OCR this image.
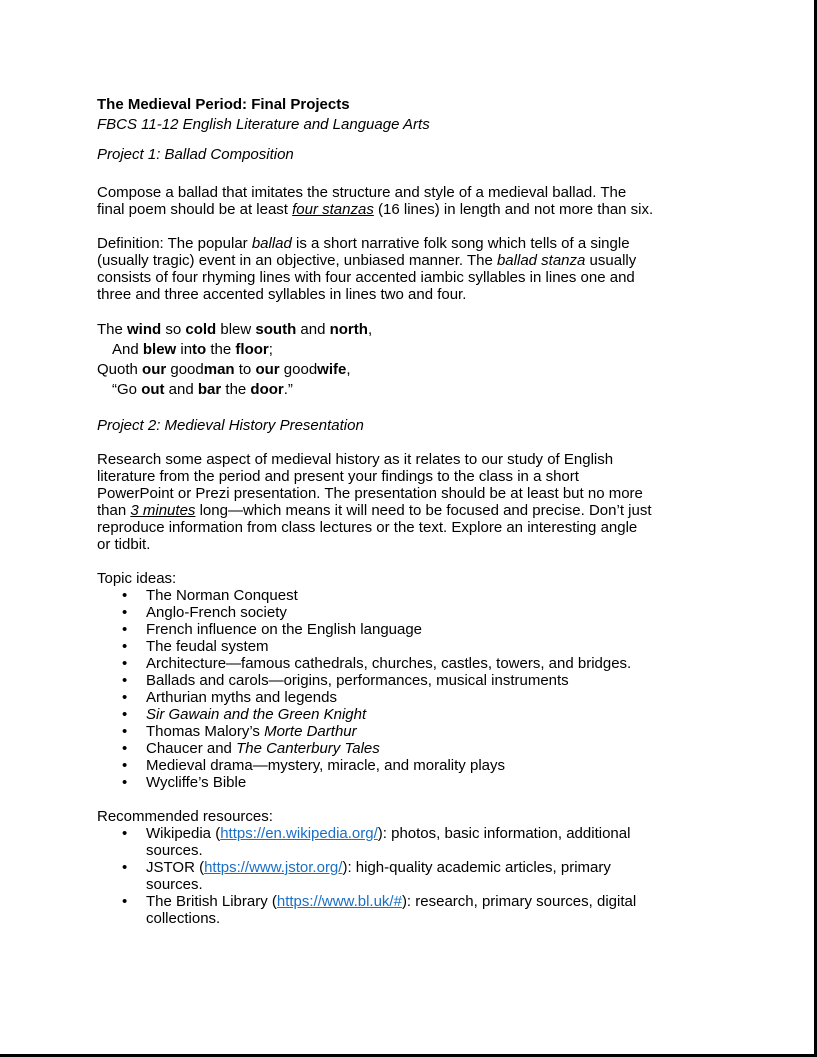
The Medieval Period: Final Projects

FBCS 11-12 English Literature and Language Arts

Project 1: Ballad Composition

Compose a ballad that imitates the structure and style of a medieval ballad. The
final poem should be at least four stanzas (16 lines) in length and not more than six.
Definition: The popular ballad is a short narrative folk song which tells of a single
(usually tragic) event in an objective, unbiased manner. The ballad stanza usually
consists of four rhyming lines with four accented iambic syllables in lines one and
three and three accented syllables in lines two and four.
The wind so cold blew south and north,
And blew into the floor;
Quoth our goodman to our goodwife,
“Go out and bar the door.”

Project 2: Medieval History Presentation

Research some aspect of medieval history as it relates to our study of English
literature from the period and present your findings to the class in a short
PowerPoint or Prezi presentation. The presentation should be at least but no more
than 3 minutes long—which means it will need to be focused and precise. Don’t just
reproduce information from class lectures or the text. Explore an interesting angle
or tidbit.

Topic ideas:

• The Norman Conquest
• Anglo-French society
• French influence on the English language
• The feudal system
• Architecture—famous cathedrals, churches, castles, towers, and bridges.
• Ballads and carols—origins, performances, musical instruments
• Arthurian myths and legends
• Sir Gawain and the Green Knight
• Thomas Malory’s Morte Darthur
• Chaucer and The Canterbury Tales
• Medieval drama—mystery, miracle, and morality plays
• Wycliffe’s Bible

Recommended resources:

• Wikipedia (https://en.wikipedia.org/): photos, basic information, additional
sources.
• JSTOR (https://www.jstor.org/): high-quality academic articles, primary
sources.
• The British Library (https://www.bl.uk/#): research, primary sources, digital
collections.
